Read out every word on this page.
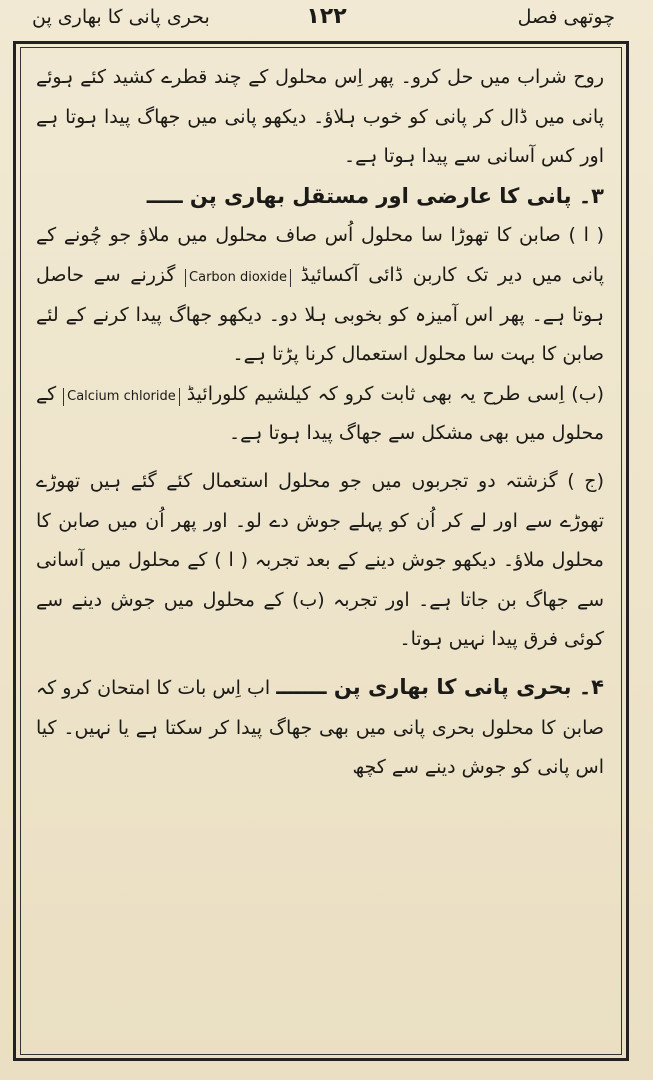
چوتھی فصل
۱۲۲
بحری پانی کا بھاری پن

روح شراب میں حل کرو۔ پھر اِس محلول کے چند قطرے کشید کئے ہوئے پانی میں ڈال کر پانی کو خوب ہلاؤ۔ دیکھو پانی میں جھاگ پیدا ہوتا ہے اور کس آسانی سے پیدا ہوتا ہے۔

۳۔ پانی کا عارضی اور مستقل بھاری پن ـــــ

( ا ) صابن کا تھوڑا سا محلول اُس صاف محلول میں ملاؤ جو چُونے کے پانی میں دیر تک کاربن ڈائی آکسائیڈ Carbon dioxide گزرنے سے حاصل ہوتا ہے۔ پھر اس آمیزہ کو بخوبی ہلا دو۔ دیکھو جھاگ پیدا کرنے کے لئے صابن کا بہت سا محلول استعمال کرنا پڑتا ہے۔

(ب) اِسی طرح یہ بھی ثابت کرو کہ کیلشیم کلورائیڈ Calcium chloride کے محلول میں بھی مشکل سے جھاگ پیدا ہوتا ہے۔

(ج ) گزشتہ دو تجربوں میں جو محلول استعمال کئے گئے ہیں تھوڑے تھوڑے سے اور لے کر اُن کو پہلے جوش دے لو۔ اور پھر اُن میں صابن کا محلول ملاؤ۔ دیکھو جوش دینے کے بعد تجربہ ( ا ) کے محلول میں آسانی سے جھاگ بن جاتا ہے۔ اور تجربہ (ب) کے محلول میں جوش دینے سے کوئی فرق پیدا نہیں ہوتا۔

۴۔ بحری پانی کا بھاری پن ـــــــ اب اِس بات کا امتحان کرو کہ صابن کا محلول بحری پانی میں بھی جھاگ پیدا کر سکتا ہے یا نہیں۔ کیا اس پانی کو جوش دینے سے کچھ
